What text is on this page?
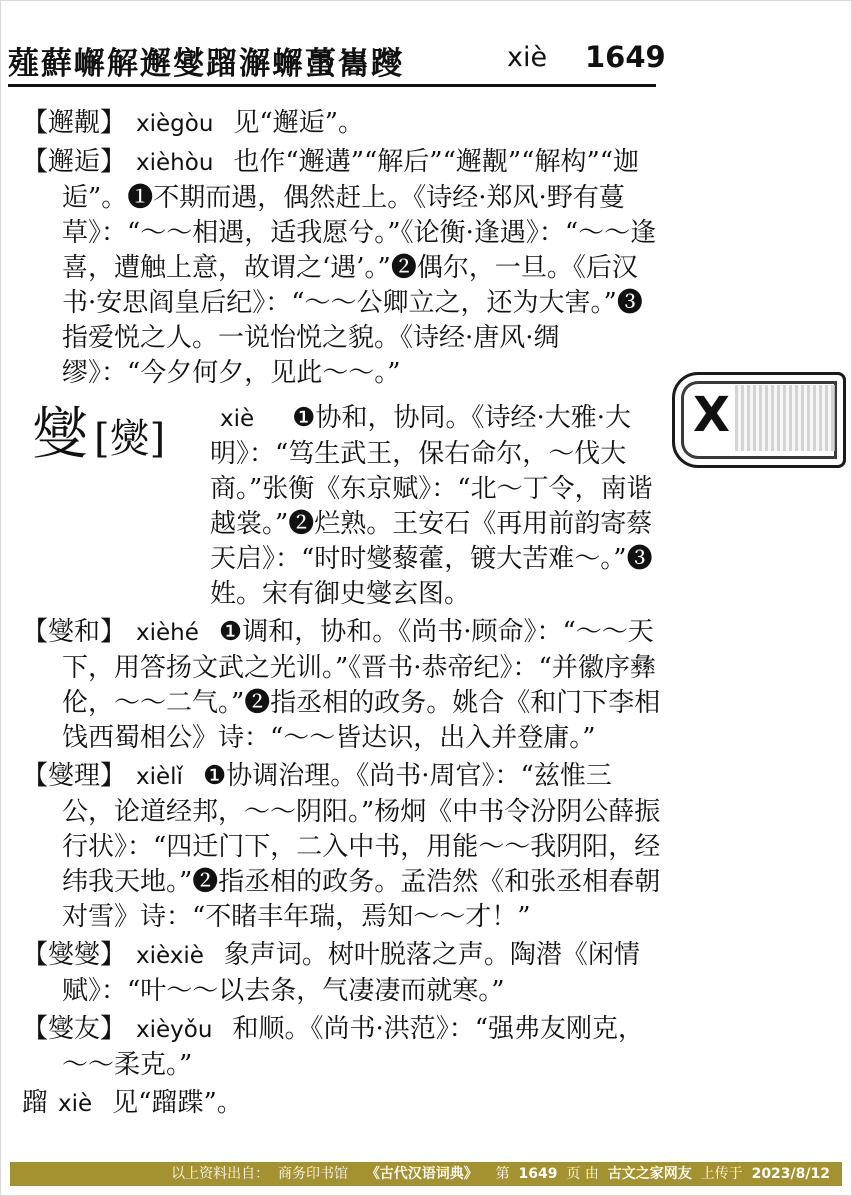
薤蘚嶰解邂燮蹓澥蠏蠆巂躞	xiè 1649
【邂觏】 xiègòu 见“邂逅”。
【邂逅】 xièhòu 也作“邂遘”“解后”“邂觏”“解构”“迦逅”。❶不期而遇，偶然赶上。《诗经·郑风·野有蔓草》：“～～相遇，适我愿兮。”《论衡·逢遇》：“～～逢喜，遭触上意，故谓之‘遇’。”❷偶尔，一旦。《后汉书·安思阎皇后纪》：“～～公卿立之，还为大害。”❸指爱悦之人。一说怡悦之貌。《诗经·唐风·绸缪》：“今夕何夕，见此～～。”
燮 [爕] xiè ❶协和，协同。《诗经·大雅·大明》：“笃生武王，保右命尔，～伐大商。”张衡《东京赋》：“北～丁令，南谐越裳。”❷烂熟。王安石《再用前韵寄蔡天启》：“时时燮藜藿，镀大苦难～。”❸姓。宋有御史燮玄图。
【燮和】 xièhé ❶调和，协和。《尚书·顾命》：“～～天下，用答扬文武之光训。”《晋书·恭帝纪》：“并徽序彝伦，～～二气。”❷指丞相的政务。姚合《和门下李相饯西蜀相公》诗：“～～皆达识，出入并登庸。”
【燮理】 xièlǐ ❶协调治理。《尚书·周官》：“兹惟三公，论道经邦，～～阴阳。”杨炯《中书令汾阴公薛振行状》：“四迁门下，二入中书，用能～～我阴阳，经纬我天地。”❷指丞相的政务。孟浩然《和张丞相春朝对雪》诗：“不睹丰年瑞，焉知～～才！”
【燮燮】 xièxiè 象声词。树叶脱落之声。陶潜《闲情赋》：“叶～～以去条，气凄凄而就寒。”
【燮友】 xièyǒu 和顺。《尚书·洪范》：“强弗友刚克，～～柔克。”
蹓 xiè 见“蹓蹀”。
X
以上资料出自： 商务印书馆 《古代汉语词典》 第 1649 页 由 古文之家网友 上传于 2023/8/12
